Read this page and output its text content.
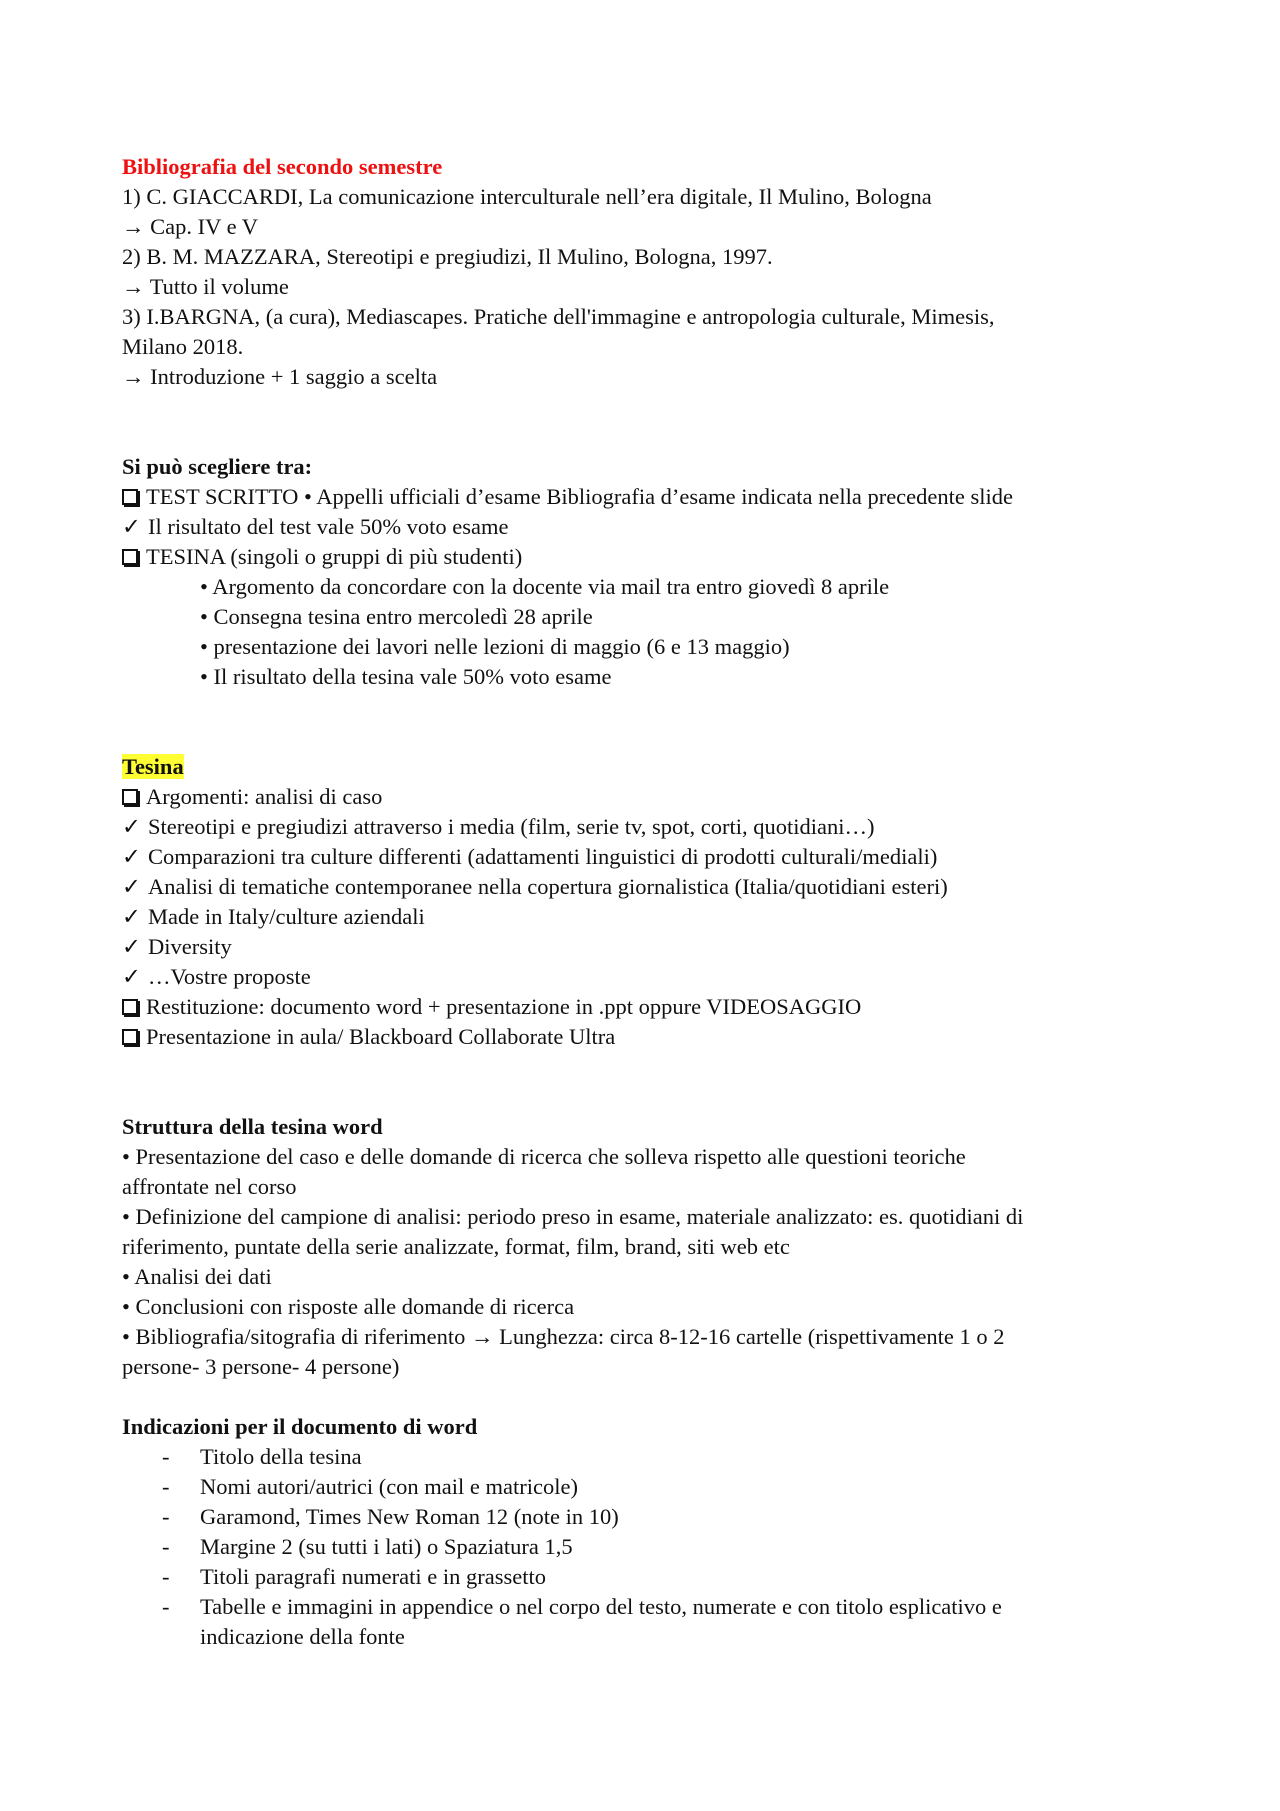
Bibliografia del secondo semestre
1) C. GIACCARDI, La comunicazione interculturale nell’era digitale, Il Mulino, Bologna
→ Cap. IV e V
2) B. M. MAZZARA, Stereotipi e pregiudizi, Il Mulino, Bologna, 1997.
→ Tutto il volume
3) I.BARGNA, (a cura), Mediascapes. Pratiche dell'immagine e antropologia culturale, Mimesis,
Milano 2018.
→ Introduzione + 1 saggio a scelta
Si può scegliere tra:
TEST SCRITTO • Appelli ufficiali d’esame Bibliografia d’esame indicata nella precedente slide
✓ Il risultato del test vale 50% voto esame
TESINA (singoli o gruppi di più studenti)
• Argomento da concordare con la docente via mail tra entro giovedì 8 aprile
• Consegna tesina entro mercoledì 28 aprile
• presentazione dei lavori nelle lezioni di maggio (6 e 13 maggio)
• Il risultato della tesina vale 50% voto esame
Tesina
Argomenti: analisi di caso
✓ Stereotipi e pregiudizi attraverso i media (film, serie tv, spot, corti, quotidiani…)
✓ Comparazioni tra culture differenti (adattamenti linguistici di prodotti culturali/mediali)
✓ Analisi di tematiche contemporanee nella copertura giornalistica (Italia/quotidiani esteri)
✓ Made in Italy/culture aziendali
✓ Diversity
✓ …Vostre proposte
Restituzione: documento word + presentazione in .ppt oppure VIDEOSAGGIO
Presentazione in aula/ Blackboard Collaborate Ultra
Struttura della tesina word
• Presentazione del caso e delle domande di ricerca che solleva rispetto alle questioni teoriche
affrontate nel corso
• Definizione del campione di analisi: periodo preso in esame, materiale analizzato: es. quotidiani di
riferimento, puntate della serie analizzate, format, film, brand, siti web etc
• Analisi dei dati
• Conclusioni con risposte alle domande di ricerca
• Bibliografia/sitografia di riferimento → Lunghezza: circa 8-12-16 cartelle (rispettivamente 1 o 2
persone- 3 persone- 4 persone)
Indicazioni per il documento di word
- Titolo della tesina
- Nomi autori/autrici (con mail e matricole)
- Garamond, Times New Roman 12 (note in 10)
- Margine 2 (su tutti i lati) o Spaziatura 1,5
- Titoli paragrafi numerati e in grassetto
- Tabelle e immagini in appendice o nel corpo del testo, numerate e con titolo esplicativo e
indicazione della fonte
